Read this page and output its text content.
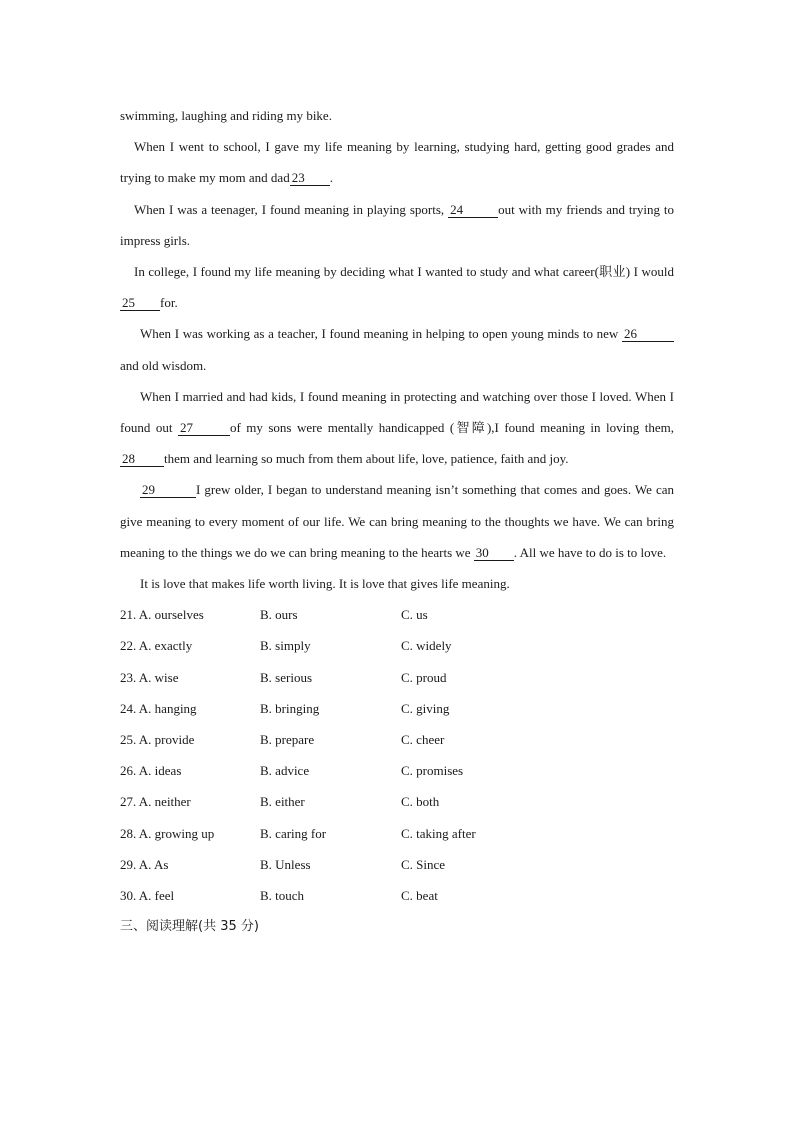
swimming, laughing and riding my bike.

When I went to school, I gave my life meaning by learning, studying hard, getting good grades and trying to make my mom and dad 23 .

When I was a teenager, I found meaning in playing sports, 24	out with my friends and trying to impress girls.

In college, I found my life meaning by deciding what I wanted to study and what career(职业) I would 25 for.

When I was working as a teacher, I found meaning in helping to open young minds to new 26and old wisdom.

When I married and had kids, I found meaning in protecting and watching over those I loved. When I found out 27	of my sons were mentally handicapped (智障),I found meaning in loving them, 28 them and learning so much from them about life, love, patience, faith and joy.

29	I grew older, I began to understand meaning isn’t something that comes and goes. We can give meaning to every moment of our life. We can bring meaning to the thoughts we have. We can bring meaning to the things we do we can bring meaning to the hearts we 30 . All we have to do is to love.

It is love that makes life worth living. It is love that gives life meaning.

21. A. ourselves	B. ours	C. us
22. A. exactly	B. simply	C. widely
23. A. wise	B. serious	C. proud
24. A. hanging	B. bringing	C. giving
25. A. provide	B. prepare	C. cheer
26. A. ideas	B. advice	C. promises
27. A. neither	B. either	C. both
28. A. growing up	B. caring for	C. taking after
29. A. As	B. Unless	C. Since
30. A. feel	B. touch	C. beat
三、阅读理解(共 35 分)
